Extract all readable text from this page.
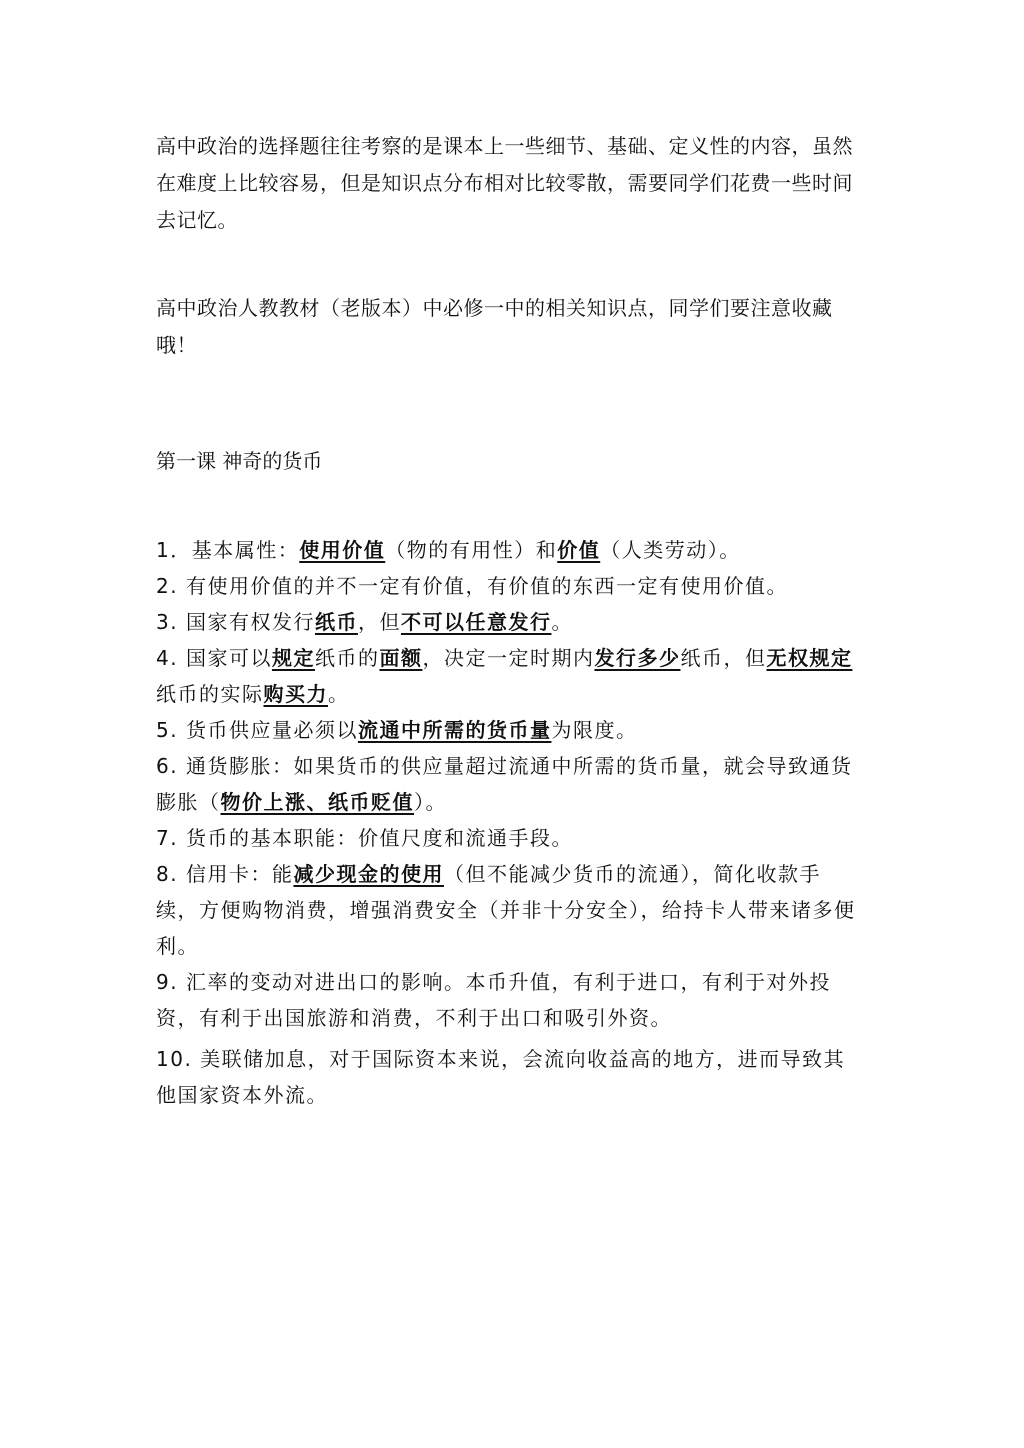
高中政治的选择题往往考察的是课本上一些细节、基础、定义性的内容，虽然在难度上比较容易，但是知识点分布相对比较零散，需要同学们花费一些时间去记忆。

高中政治人教教材（老版本）中必修一中的相关知识点，同学们要注意收藏哦！

第一课 神奇的货币

1．基本属性：使用价值（物的有用性）和价值（人类劳动）。
2. 有使用价值的并不一定有价值，有价值的东西一定有使用价值。
3. 国家有权发行纸币，但不可以任意发行。
4. 国家可以规定纸币的面额，决定一定时期内发行多少纸币，但无权规定纸币的实际购买力。
5. 货币供应量必须以流通中所需的货币量为限度。
6. 通货膨胀：如果货币的供应量超过流通中所需的货币量，就会导致通货膨胀（物价上涨、纸币贬值）。
7. 货币的基本职能：价值尺度和流通手段。
8. 信用卡：能减少现金的使用（但不能减少货币的流通），简化收款手续，方便购物消费，增强消费安全（并非十分安全），给持卡人带来诸多便利。
9. 汇率的变动对进出口的影响。本币升值，有利于进口，有利于对外投资，有利于出国旅游和消费，不利于出口和吸引外资。
10. 美联储加息，对于国际资本来说，会流向收益高的地方，进而导致其他国家资本外流。
